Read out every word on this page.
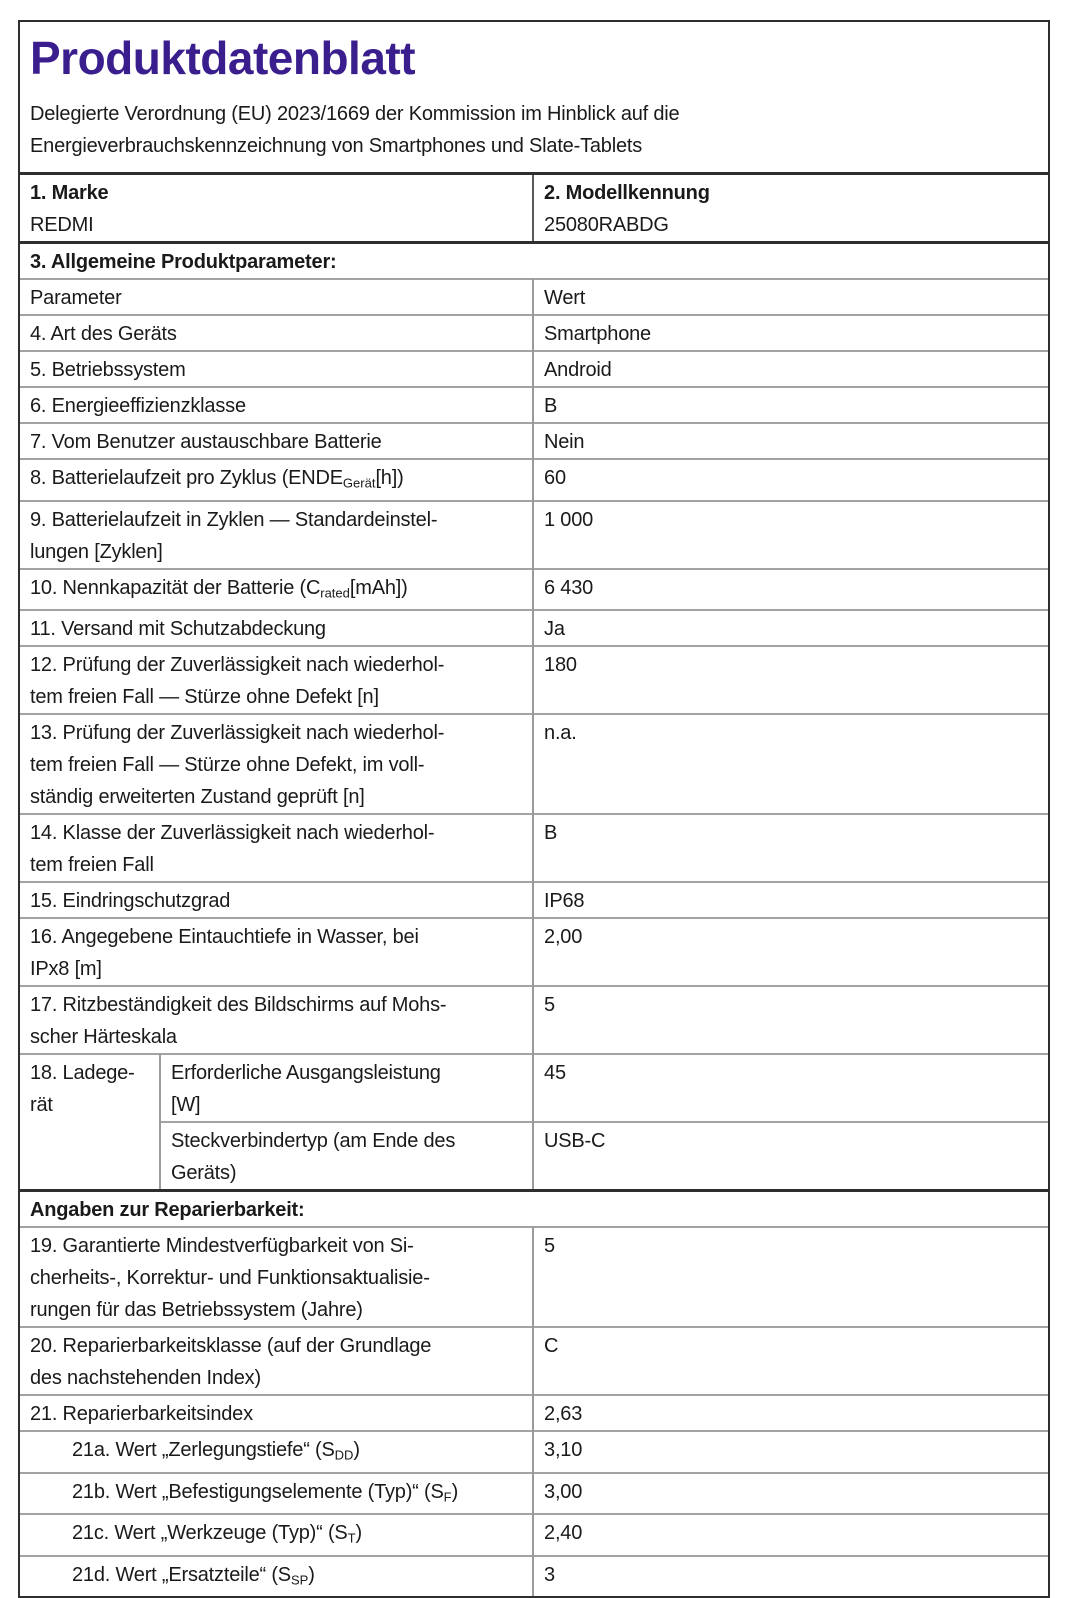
Produktdatenblatt

Delegierte Verordnung (EU) 2023/1669 der Kommission im Hinblick auf die
Energieverbrauchskennzeichnung von Smartphones und Slate-Tablets

1. Marke
REDMI

2. Modellkennung
25080RABDG

3. Allgemeine Produktparameter:		
Parameter		Wert
4. Art des Geräts		Smartphone
5. Betriebssystem		Android
6. Energieeffizienzklasse		B
7. Vom Benutzer austauschbare Batterie		Nein
8. Batterielaufzeit pro Zyklus (ENDEGerät[h])		60
9. Batterielaufzeit in Zyklen — Standardeinstel-
lungen [Zyklen]		1 000
10. Nennkapazität der Batterie (Crated[mAh])		6 430
11. Versand mit Schutzabdeckung		Ja
12. Prüfung der Zuverlässigkeit nach wiederhol-
tem freien Fall — Stürze ohne Defekt [n]		180
13. Prüfung der Zuverlässigkeit nach wiederhol-
tem freien Fall — Stürze ohne Defekt, im voll-
ständig erweiterten Zustand geprüft [n]		n.a.
14. Klasse der Zuverlässigkeit nach wiederhol-
tem freien Fall		B
15. Eindringschutzgrad		IP68
16. Angegebene Eintauchtiefe in Wasser, bei
IPx8 [m]		2,00
17. Ritzbeständigkeit des Bildschirms auf Mohs-
scher Härteskala		5
18. Ladege-
rät	Erforderliche Ausgangsleistung
[W]	45
	Steckverbindertyp (am Ende des
Geräts)	USB-C
Angaben zur Reparierbarkeit:		
19. Garantierte Mindestverfügbarkeit von Si-
cherheits-, Korrektur- und Funktionsaktualisie-
rungen für das Betriebssystem (Jahre)		5
20. Reparierbarkeitsklasse (auf der Grundlage
des nachstehenden Index)		C
21. Reparierbarkeitsindex		2,63
21a. Wert „Zerlegungstiefe“ (SDD)		3,10
21b. Wert „Befestigungselemente (Typ)“ (SF)		3,00
21c. Wert „Werkzeuge (Typ)“ (ST)		2,40
21d. Wert „Ersatzteile“ (SSP)		3
